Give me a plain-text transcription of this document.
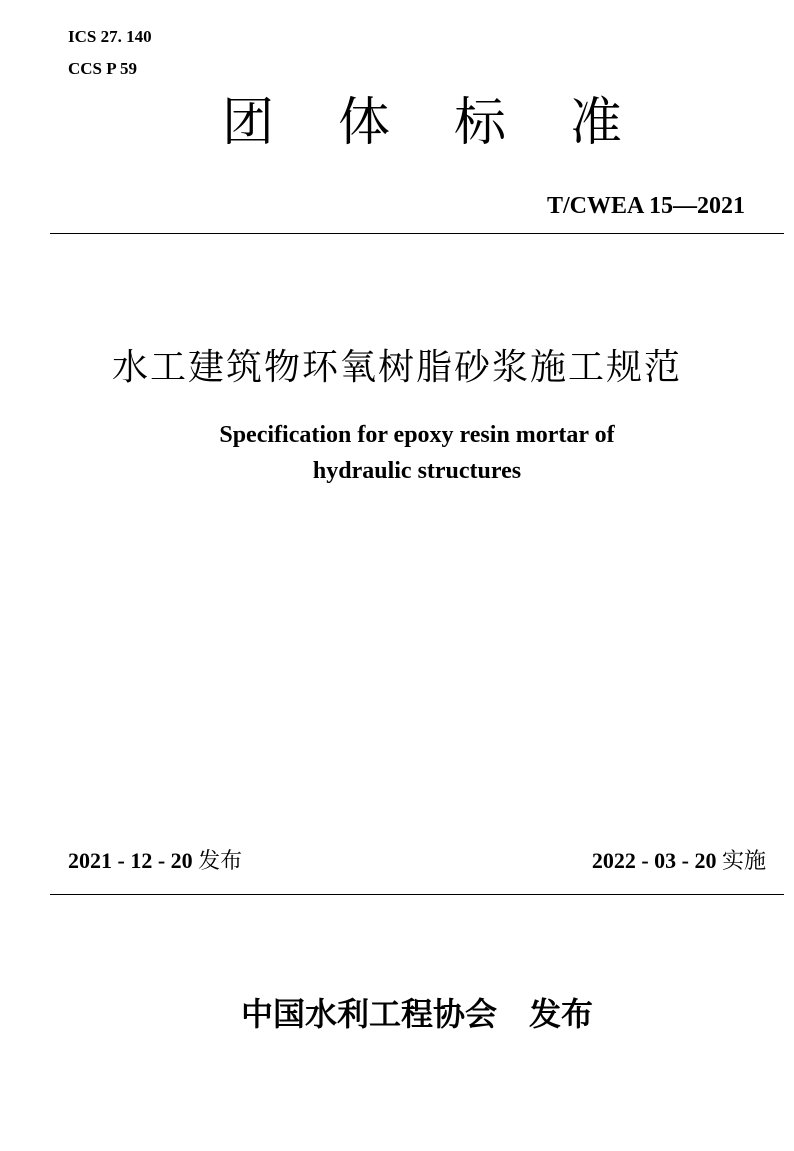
ICS 27. 140
CCS P 59
团 体 标 准
T/CWEA 15—2021
水工建筑物环氧树脂砂浆施工规范
Specification for epoxy resin mortar of
hydraulic structures
2021 - 12 - 20 发布	2022 - 03 - 20 实施
中国水利工程协会　发布
